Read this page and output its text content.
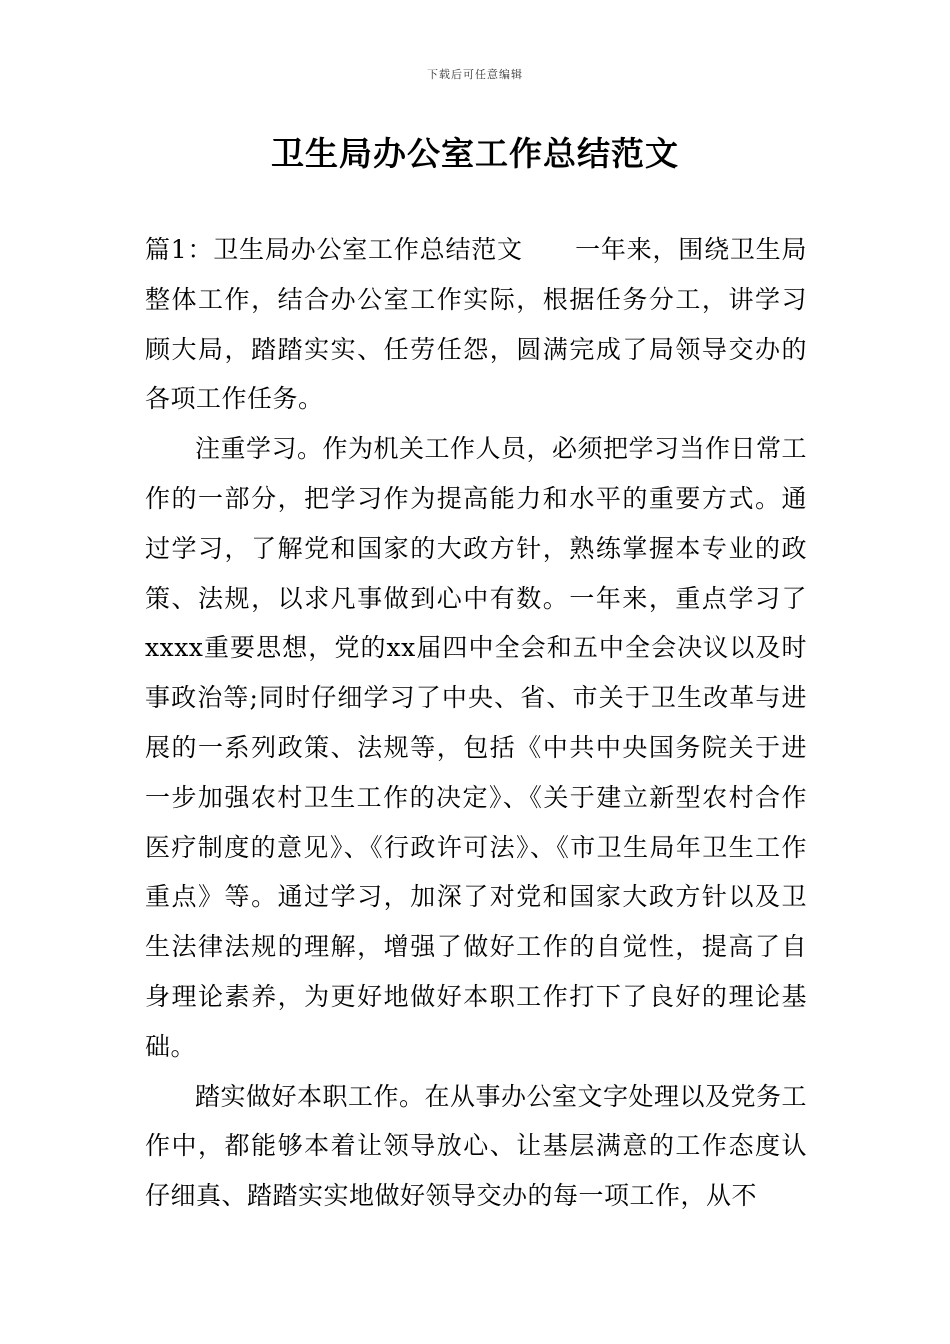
下载后可任意编辑
卫生局办公室工作总结范文

篇1：卫生局办公室工作总结范文 一年来，围绕卫生局整体工作，结合办公室工作实际，根据任务分工，讲学习顾大局，踏踏实实、任劳任怨，圆满完成了局领导交办的各项工作任务。

注重学习。作为机关工作人员，必须把学习当作日常工作的一部分，把学习作为提高能力和水平的重要方式。通过学习，了解党和国家的大政方针，熟练掌握本专业的政策、法规，以求凡事做到心中有数。一年来，重点学习了xxxx重要思想，党的xx届四中全会和五中全会决议以及时事政治等;同时仔细学习了中央、省、市关于卫生改革与进展的一系列政策、法规等，包括《中共中央国务院关于进一步加强农村卫生工作的决定》、《关于建立新型农村合作医疗制度的意见》、《行政许可法》、《市卫生局年卫生工作重点》等。通过学习，加深了对党和国家大政方针以及卫生法律法规的理解，增强了做好工作的自觉性，提高了自身理论素养，为更好地做好本职工作打下了良好的理论基础。

踏实做好本职工作。在从事办公室文字处理以及党务工作中，都能够本着让领导放心、让基层满意的工作态度认仔细真、踏踏实实地做好领导交办的每一项工作，从不
